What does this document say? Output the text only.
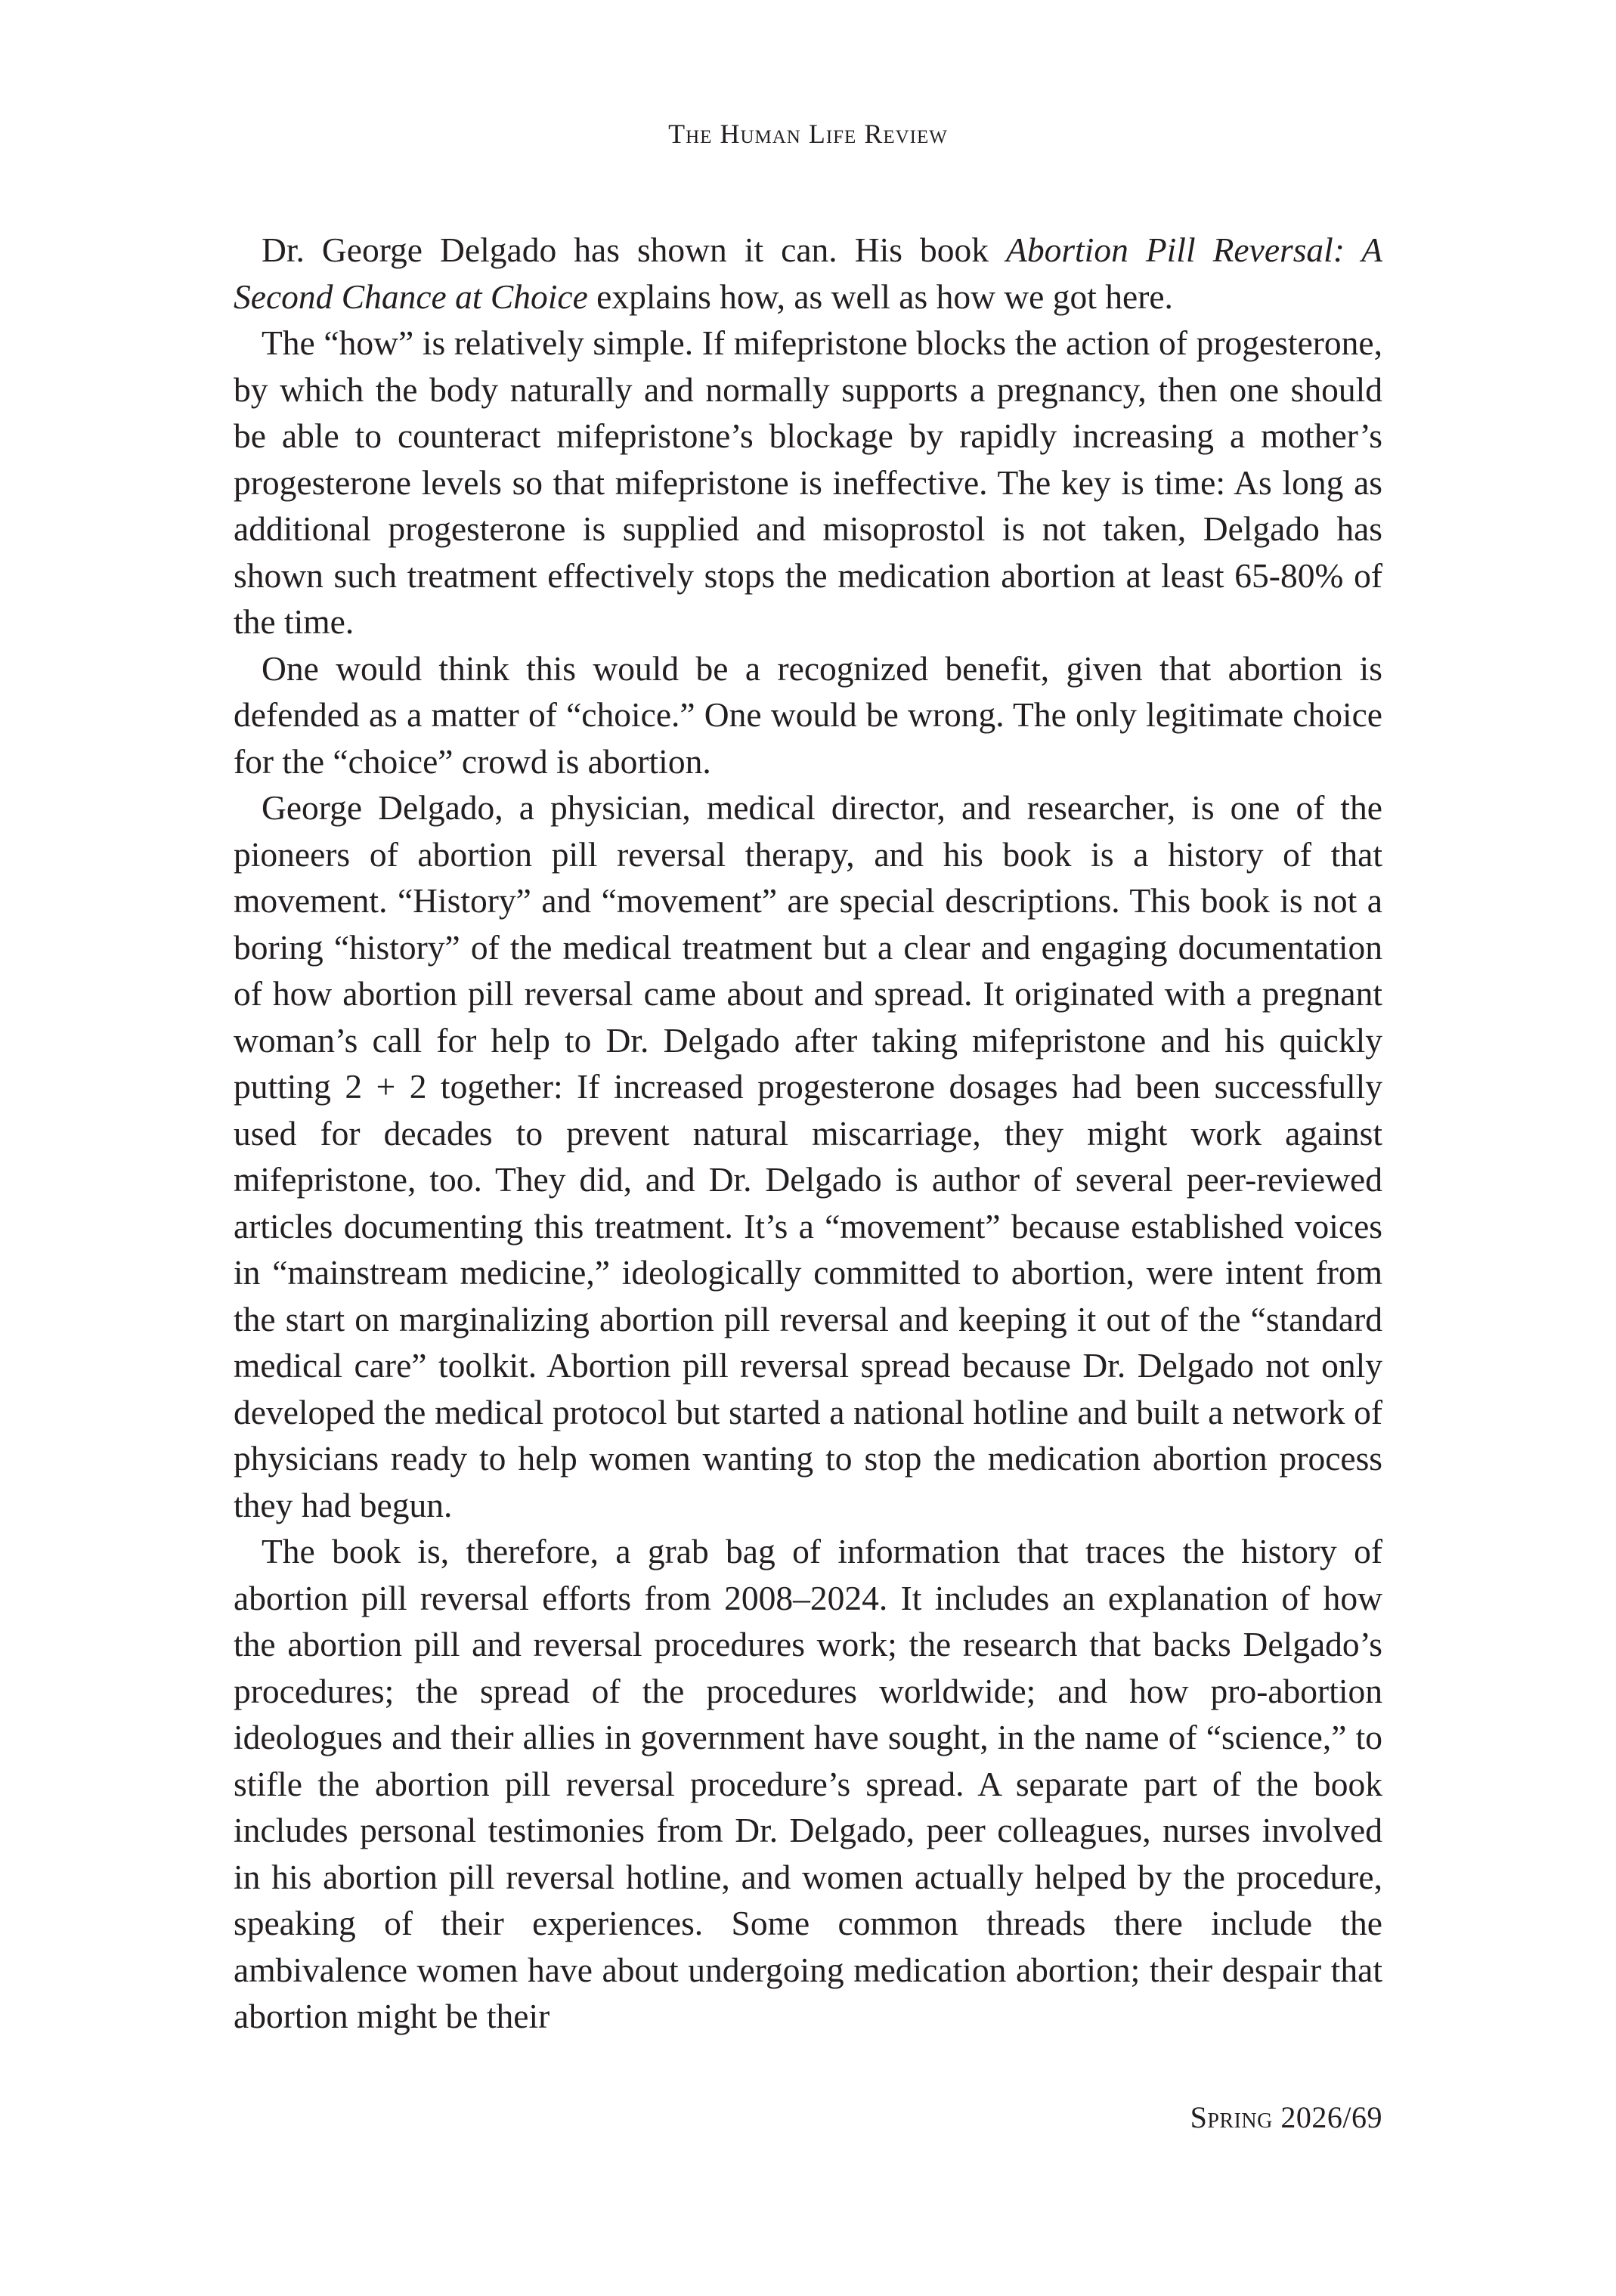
The Human Life Review

Dr. George Delgado has shown it can. His book Abortion Pill Reversal: A Second Chance at Choice explains how, as well as how we got here.

The “how” is relatively simple. If mifepristone blocks the action of progesterone, by which the body naturally and normally supports a pregnancy, then one should be able to counteract mifepristone’s blockage by rapidly increasing a mother’s progesterone levels so that mifepristone is ineffective. The key is time: As long as additional progesterone is supplied and misoprostol is not taken, Delgado has shown such treatment effectively stops the medication abortion at least 65-80% of the time.

One would think this would be a recognized benefit, given that abortion is defended as a matter of “choice.” One would be wrong. The only legitimate choice for the “choice” crowd is abortion.

George Delgado, a physician, medical director, and researcher, is one of the pioneers of abortion pill reversal therapy, and his book is a history of that movement. “History” and “movement” are special descriptions. This book is not a boring “history” of the medical treatment but a clear and engaging documentation of how abortion pill reversal came about and spread. It originated with a pregnant woman’s call for help to Dr. Delgado after taking mifepristone and his quickly putting 2 + 2 together: If increased progesterone dosages had been successfully used for decades to prevent natural miscarriage, they might work against mifepristone, too. They did, and Dr. Delgado is author of several peer-reviewed articles documenting this treatment. It’s a “movement” because established voices in “mainstream medicine,” ideologically committed to abortion, were intent from the start on marginalizing abortion pill reversal and keeping it out of the “standard medical care” toolkit. Abortion pill reversal spread because Dr. Delgado not only developed the medical protocol but started a national hotline and built a network of physicians ready to help women wanting to stop the medication abortion process they had begun.

The book is, therefore, a grab bag of information that traces the history of abortion pill reversal efforts from 2008–2024. It includes an explanation of how the abortion pill and reversal procedures work; the research that backs Delgado’s procedures; the spread of the procedures worldwide; and how pro-abortion ideologues and their allies in government have sought, in the name of “science,” to stifle the abortion pill reversal procedure’s spread. A separate part of the book includes personal testimonies from Dr. Delgado, peer colleagues, nurses involved in his abortion pill reversal hotline, and women actually helped by the procedure, speaking of their experiences. Some common threads there include the ambivalence women have about undergoing medication abortion; their despair that abortion might be their

Spring 2026/69
